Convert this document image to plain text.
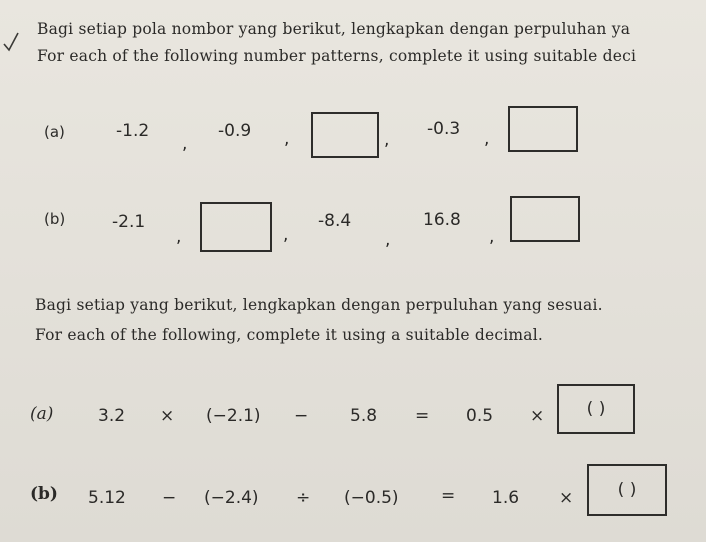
Bagi setiap pola nombor yang berikut, lengkapkan dengan perpuluhan ya
For each of the following number patterns, complete it using suitable deci
(a)	-1.2
,
-0.9 ,	,
-0.3 ,
(b)	-2.1
,	,
-8.4
,
16.8
,
Bagi setiap yang berikut, lengkapkan dengan perpuluhan yang sesuai.
For each of the following, complete it using a suitable decimal.
(a)	3.2 × (−2.1) − 5.8 = 0.5 ×	( )
(b) 5.12 − (−2.4) ÷ (−0.5) = 1.6 ×	( )
